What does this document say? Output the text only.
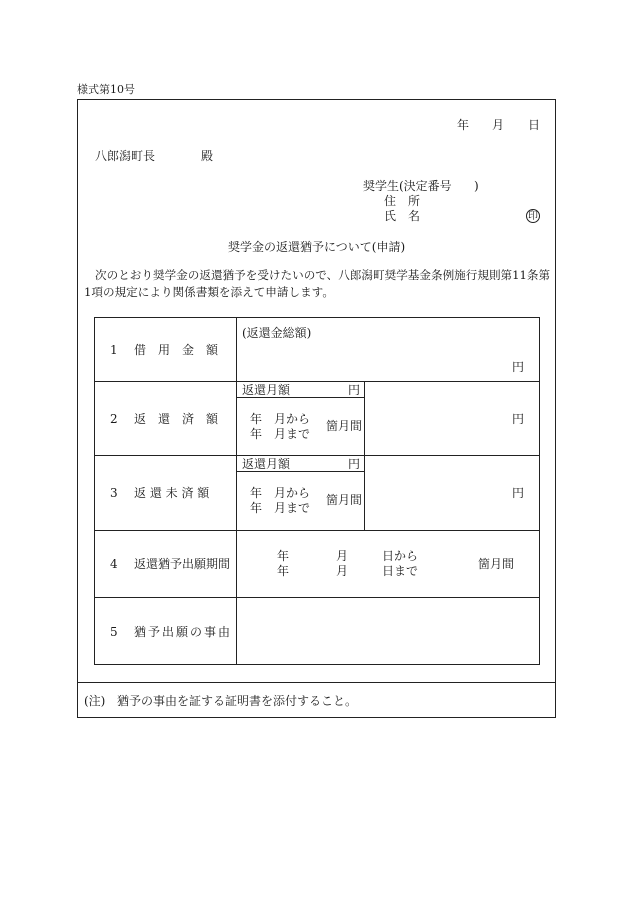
様式第10号
年 月 日
八郎潟町長	殿
奨学生(決定番号 )
住　所
氏　名	印
奨学金の返還猶予について(申請)
次のとおり奨学金の返還猶予を受けたいので、八郎潟町奨学基金条例施行規則第11条第
1項の規定により関係書類を添えて申請します。
1 借　用　金　額
(返還金総額)
円
2 返　還　済　額
返還月額	円
年　月から
年　月まで
箇月間	円
3 返 還 未 済 額
返還月額	円
年　月から
年　月まで
箇月間	円
4 返還猶予出願期間
年	月	日から
年	月	日まで	箇月間
5 猶予出願の事由
(注) 猶予の事由を証する証明書を添付すること。
